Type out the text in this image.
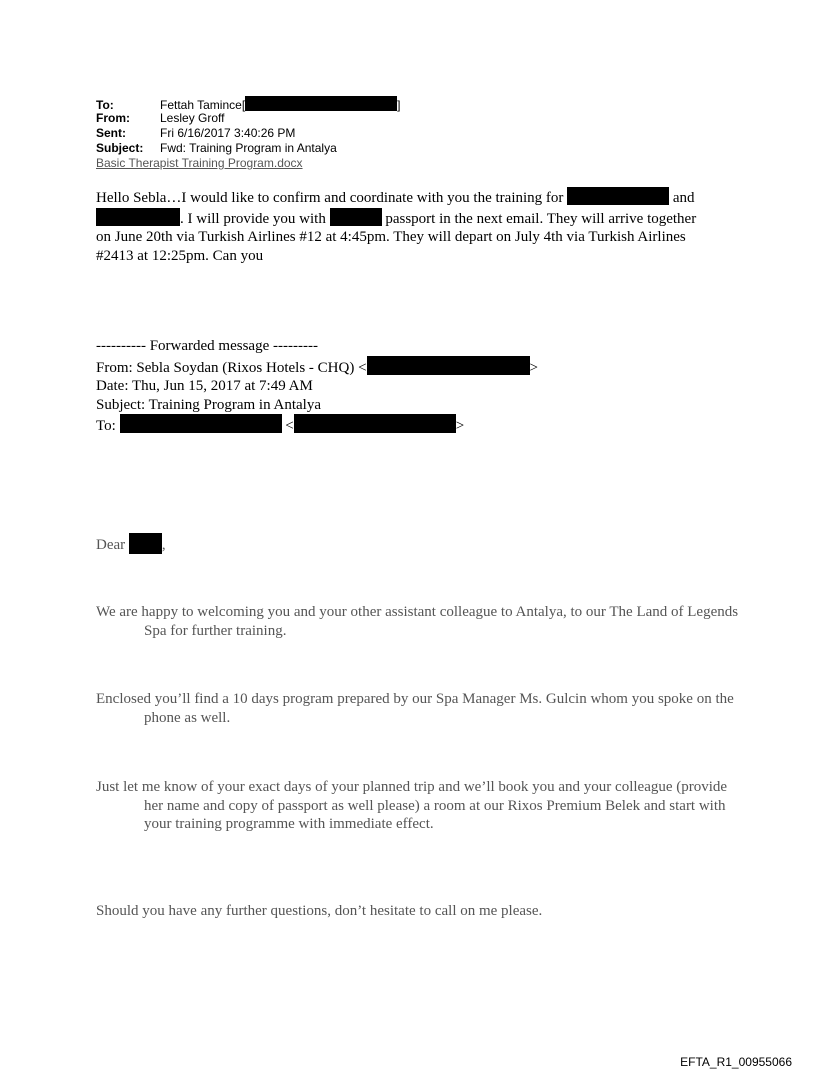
To:	Fettah Tamince[	]
From:	Lesley Groff
Sent:	Fri 6/16/2017 3:40:26 PM
Subject: Fwd: Training Program in Antalya
Basic Therapist Training Program.docx
Hello Sebla…I would like to confirm and coordinate with you the training for	and . I will provide you with	passport in the next email. They will arrive together on June 20th via Turkish Airlines #12 at 4:45pm. They will depart on July 4th via Turkish Airlines #2413 at 12:25pm. Can you
---------- Forwarded message ---------
From: Sebla Soydan (Rixos Hotels - CHQ) <	>
Date: Thu, Jun 15, 2017 at 7:49 AM
Subject: Training Program in Antalya
To:	<	>
Dear ,
We are happy to welcoming you and your other assistant colleague to Antalya, to our The Land of Legends Spa for further training.
Enclosed you’ll find a 10 days program prepared by our Spa Manager Ms. Gulcin whom you spoke on the phone as well.
Just let me know of your exact days of your planned trip and we’ll book you and your colleague (provide her name and copy of passport as well please) a room at our Rixos Premium Belek and start with your training programme with immediate effect.
Should you have any further questions, don’t hesitate to call on me please.
EFTA_R1_00955066
